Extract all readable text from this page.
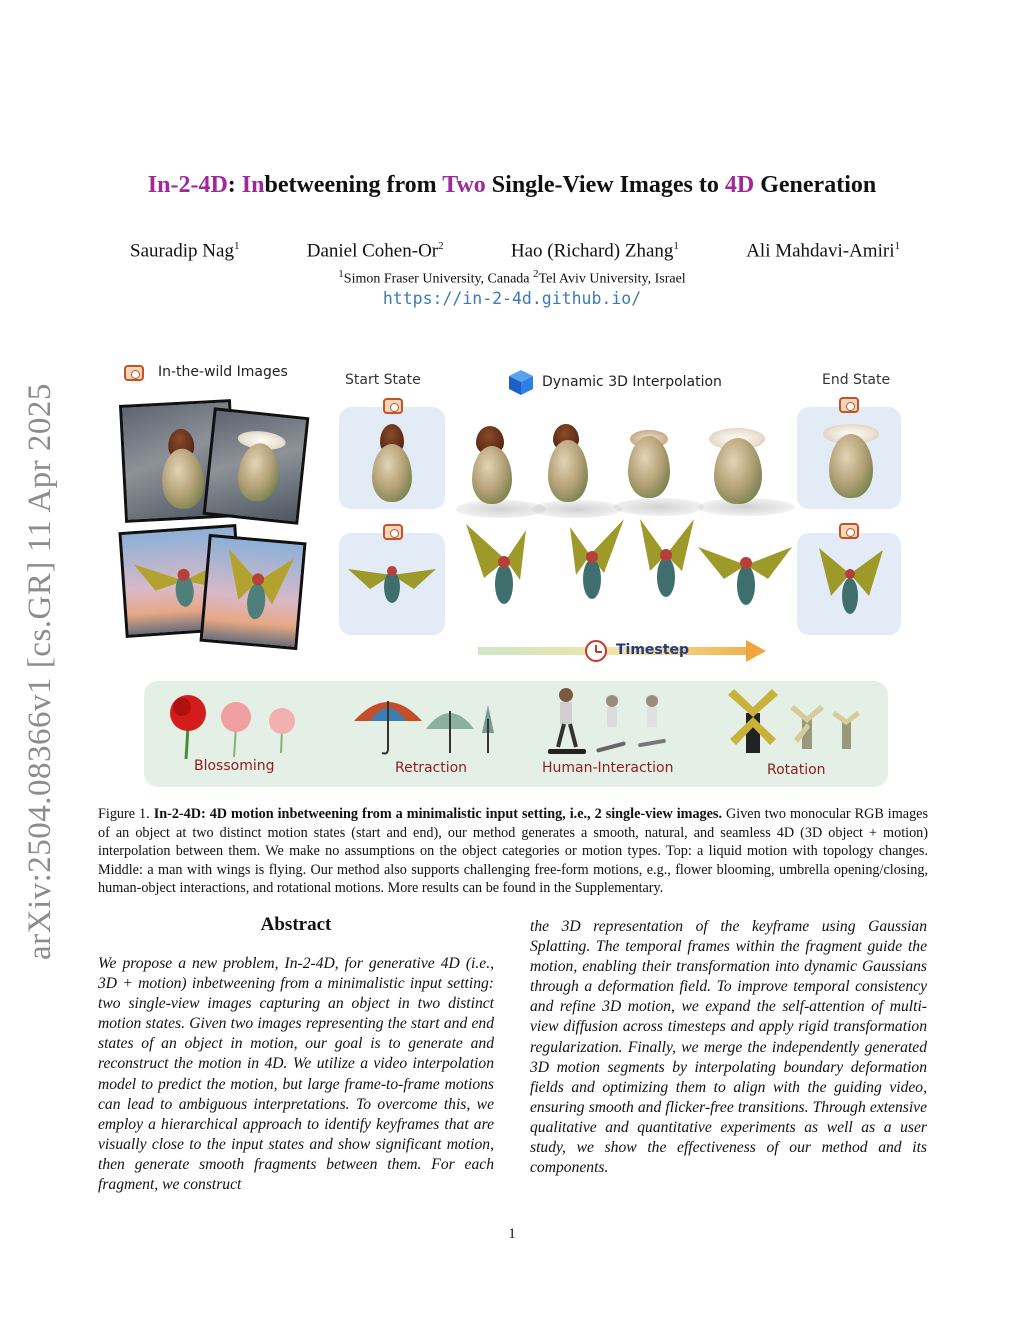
arXiv:2504.08366v1 [cs.GR] 11 Apr 2025
In-2-4D: Inbetweening from Two Single-View Images to 4D Generation
Sauradip Nag$^1$	Daniel Cohen-Or$^2$	Hao (Richard) Zhang$^1$	Ali Mahdavi-Amiri$^1$
$^1$Simon Fraser University, Canada $^2$Tel Aviv University, Israel
https://in-2-4d.github.io/
In-the-wild Images	Start State	Dynamic 3D Interpolation	End State
Timestep
Blossoming	Retraction	Human-Interaction	Rotation

Figure 1. In-2-4D: 4D motion inbetweening from a minimalistic input setting, i.e., 2 single-view images. Given two monocular RGB images of an object at two distinct motion states (start and end), our method generates a smooth, natural, and seamless 4D (3D object + motion) interpolation between them. We make no assumptions on the object categories or motion types. Top: a liquid motion with topology changes. Middle: a man with wings is flying. Our method also supports challenging free-form motions, e.g., flower blooming, umbrella opening/closing, human-object interactions, and rotational motions. More results can be found in the Supplementary.

Abstract

We propose a new problem, In-2-4D, for generative 4D (i.e., 3D + motion) inbetweening from a minimalistic input setting: two single-view images capturing an object in two distinct motion states. Given two images representing the start and end states of an object in motion, our goal is to generate and reconstruct the motion in 4D. We utilize a video interpolation model to predict the motion, but large frame-to-frame motions can lead to ambiguous interpretations. To overcome this, we employ a hierarchical approach to identify keyframes that are visually close to the input states and show significant motion, then generate smooth fragments between them. For each fragment, we construct

the 3D representation of the keyframe using Gaussian Splatting. The temporal frames within the fragment guide the motion, enabling their transformation into dynamic Gaussians through a deformation field. To improve temporal consistency and refine 3D motion, we expand the self-attention of multi-view diffusion across timesteps and apply rigid transformation regularization. Finally, we merge the independently generated 3D motion segments by interpolating boundary deformation fields and optimizing them to align with the guiding video, ensuring smooth and flicker-free transitions. Through extensive qualitative and quantitative experiments as well as a user study, we show the effectiveness of our method and its components.

1
